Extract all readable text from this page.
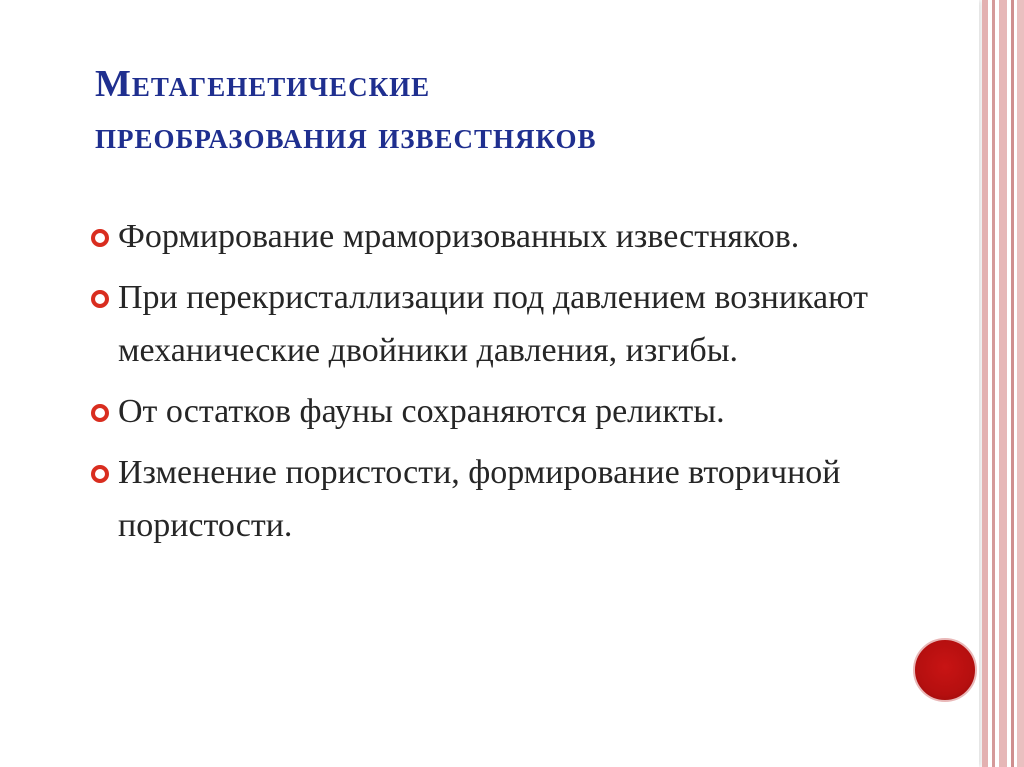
Метагенетические
преобразования известняков
Формирование мраморизованных известняков.
При перекристаллизации под давлением возникают механические двойники давления, изгибы.
От остатков фауны сохраняются реликты.
Изменение пористости, формирование вторичной пористости.
